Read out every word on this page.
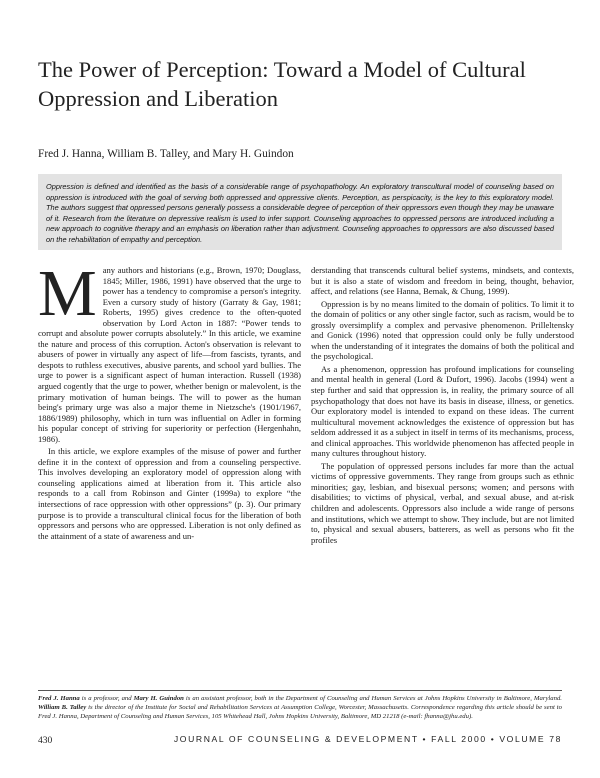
The Power of Perception: Toward a Model of Cultural Oppression and Liberation
Fred J. Hanna, William B. Talley, and Mary H. Guindon

Oppression is defined and identified as the basis of a considerable range of psychopathology. An exploratory transcultural model of counseling based on oppression is introduced with the goal of serving both oppressed and oppressive clients. Perception, as perspicacity, is the key to this exploratory model. The authors suggest that oppressed persons generally possess a considerable degree of perception of their oppressors even though they may be unaware of it. Research from the literature on depressive realism is used to infer support. Counseling approaches to oppressed persons are introduced including a new approach to cognitive therapy and an emphasis on liberation rather than adjustment. Counseling approaches to oppressors are also discussed based on the rehabilitation of empathy and perception.

M any authors and historians (e.g., Brown, 1970; Douglass, 1845; Miller, 1986, 1991) have observed that the urge to power has a tendency to compromise a person's integrity. Even a cursory study of history (Garraty & Gay, 1981; Roberts, 1995) gives credence to the often-quoted observation by Lord Acton in 1887: “Power tends to corrupt and absolute power corrupts absolutely.” In this article, we examine the nature and process of this corruption. Acton's observation is relevant to abusers of power in virtually any aspect of life—from fascists, tyrants, and despots to ruthless executives, abusive parents, and school yard bullies. The urge to power is a significant aspect of human interaction. Russell (1938) argued cogently that the urge to power, whether benign or malevolent, is the primary motivation of human beings. The will to power as the human being's primary urge was also a major theme in Nietzsche's (1901/1967, 1886/1989) philosophy, which in turn was influential on Adler in forming his popular concept of striving for superiority or perfection (Hergenhahn, 1986).

In this article, we explore examples of the misuse of power and further define it in the context of oppression and from a counseling perspective. This involves developing an exploratory model of oppression along with counseling applications aimed at liberation from it. This article also responds to a call from Robinson and Ginter (1999a) to explore “the intersections of race oppression with other oppressions” (p. 3). Our primary purpose is to provide a transcultural clinical focus for the liberation of both oppressors and persons who are oppressed. Liberation is not only defined as the attainment of a state of awareness and un-

derstanding that transcends cultural belief systems, mindsets, and contexts, but it is also a state of wisdom and freedom in being, thought, behavior, affect, and relations (see Hanna, Bemak, & Chung, 1999).

Oppression is by no means limited to the domain of politics. To limit it to the domain of politics or any other single factor, such as racism, would be to grossly oversimplify a complex and pervasive phenomenon. Prilleltensky and Gonick (1996) noted that oppression could only be fully understood when the understanding of it integrates the domains of both the political and the psychological.

As a phenomenon, oppression has profound implications for counseling and mental health in general (Lord & Dufort, 1996). Jacobs (1994) went a step further and said that oppression is, in reality, the primary source of all psychopathology that does not have its basis in disease, illness, or genetics. Our exploratory model is intended to expand on these ideas. The current multicultural movement acknowledges the existence of oppression but has seldom addressed it as a subject in itself in terms of its mechanisms, process, and clinical approaches. This worldwide phenomenon has affected people in many cultures throughout history.

The population of oppressed persons includes far more than the actual victims of oppressive governments. They range from groups such as ethnic minorities; gay, lesbian, and bisexual persons; women; and persons with disabilities; to victims of physical, verbal, and sexual abuse, and at-risk children and adolescents. Oppressors also include a wide range of persons and institutions, which we attempt to show. They include, but are not limited to, physical and sexual abusers, batterers, as well as persons who fit the profiles

Fred J. Hanna is a professor, and Mary H. Guindon is an assistant professor, both in the Department of Counseling and Human Services at Johns Hopkins University in Baltimore, Maryland. William B. Talley is the director of the Institute for Social and Rehabilitation Services at Assumption College, Worcester, Massachusetts. Correspondence regarding this article should be sent to Fred J. Hanna, Department of Counseling and Human Services, 105 Whitehead Hall, Johns Hopkins University, Baltimore, MD 21218 (e-mail: fhanna@jhu.edu).

430	JOURNAL OF COUNSELING & DEVELOPMENT • FALL 2000 • VOLUME 78
